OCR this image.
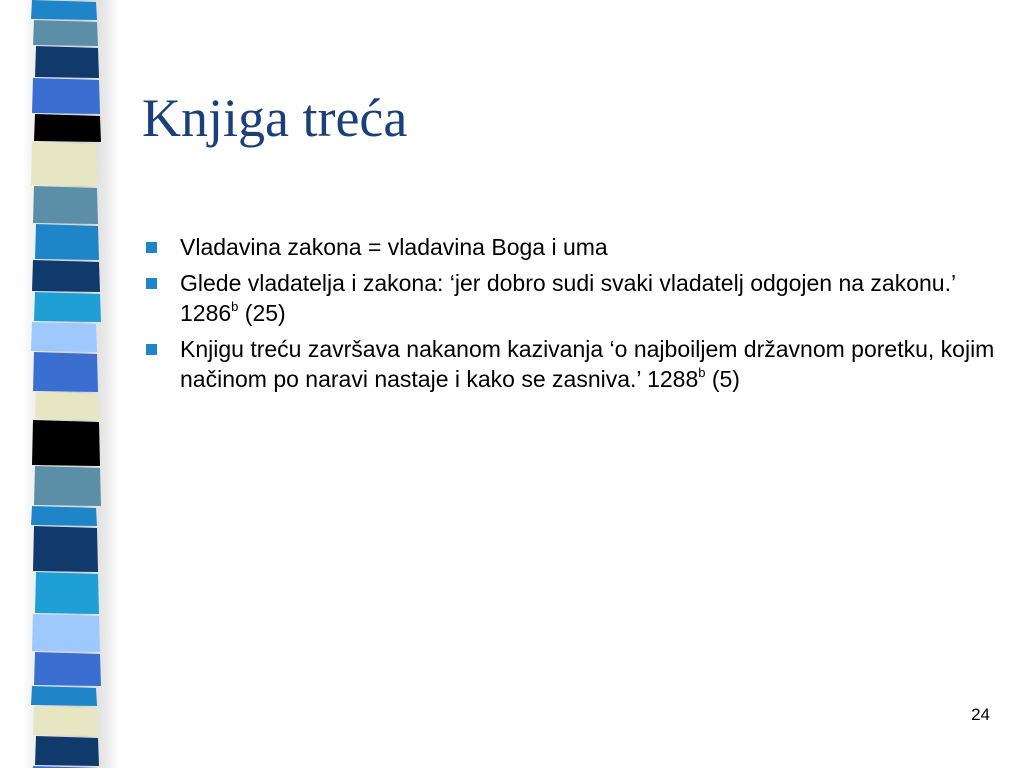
Knjiga treća
Vladavina zakona = vladavina Boga i uma
Glede vladatelja i zakona: ‘jer dobro sudi svaki vladatelj odgojen na zakonu.’ 1286$^b$ (25)
Knjigu treću završava nakanom kazivanja ‘o najboiljem državnom poretku, kojim načinom po naravi nastaje i kako se zasniva.’ 1288$^b$ (5)
24
